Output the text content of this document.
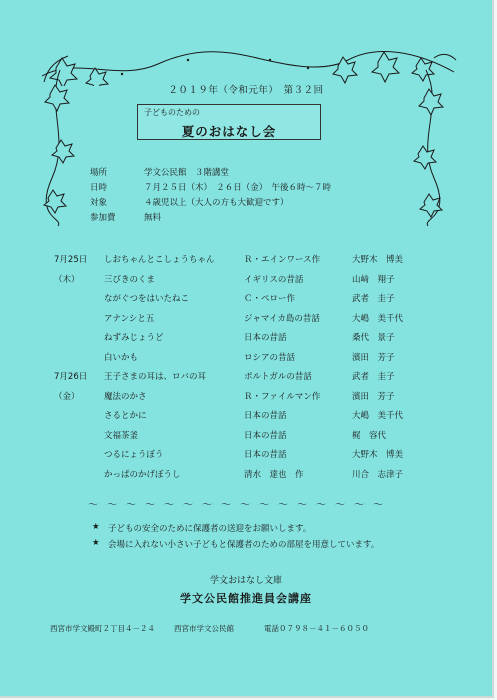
２０１９年（令和元年）　第３２回
子どものための
夏のおはなし会
場所	学文公民館　３階講堂
日時	７月２５日（木）　２６日（金）　午後６時～７時
対象	４歳児以上（大人の方も大歓迎です）
参加費	無料
7月25日 しおちゃんとこしょうちゃん	Ｒ・エインワース作	大野木　博美
（木）	三びきのくま	イギリスの昔話	山﨑　翔子
ながぐつをはいたねこ	Ｃ・ペロー作	武者　圭子
アナンシと五	ジャマイカ島の昔話	大嶋　美千代
ねずみじょうど	日本の昔話	桑代　景子
白いかも	ロシアの昔話	濱田　芳子
7月26日 王子さまの耳は、ロバの耳	ポルトガルの昔話	武者　圭子
（金）	魔法のかさ	Ｒ・ファイルマン作	濱田　芳子
さるとかに	日本の昔話	大嶋　美千代
文福茶釜	日本の昔話	梶　容代
つるにょうぼう	日本の昔話	大野木　博美
かっぱのかげぼうし	清水　達也　作	川合　志津子
～～～～～～～～～～～～～～～～
★ 子どもの安全のために保護者の送迎をお願いします。
★ 会場に入れない小さい子どもと保護者のための部屋を用意しています。
学文おはなし文庫
学文公民館推進員会講座
西宮市学文殿町２丁目４－２４	西宮市学文公民館	電話０７９８－４１－６０５０
